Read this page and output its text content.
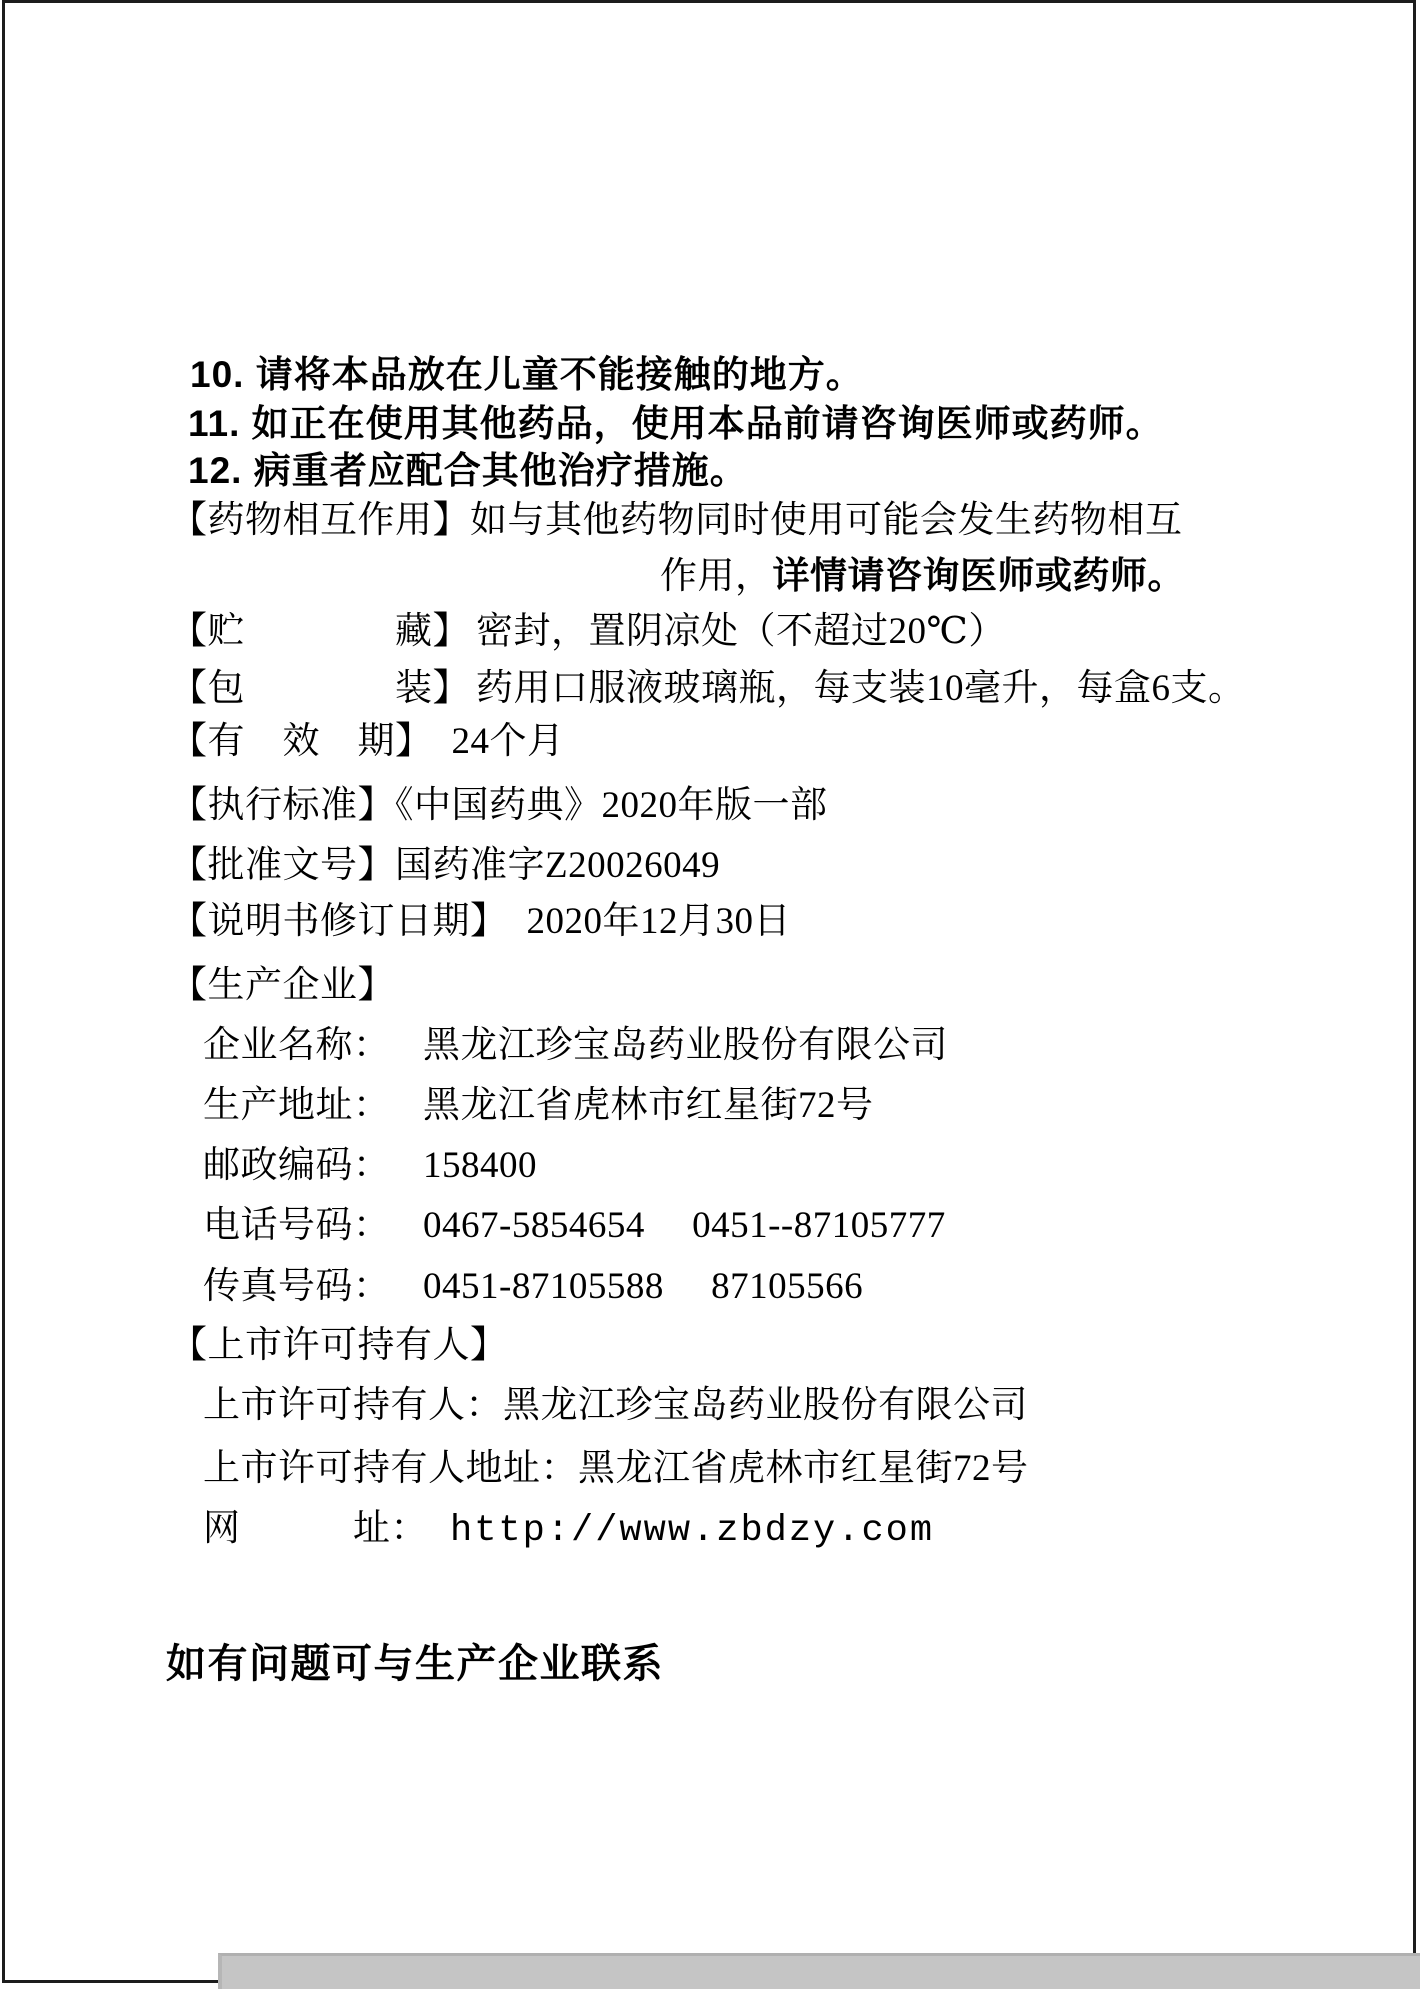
10. 请将本品放在儿童不能接触的地方。
11. 如正在使用其他药品，使用本品前请咨询医师或药师。
12. 病重者应配合其他治疗措施。
【药物相互作用】如与其他药物同时使用可能会发生药物相互
作用，详情请咨询医师或药师。
【贮　　　　藏】 密封，置阴凉处（不超过20℃）
【包　　　　装】 药用口服液玻璃瓶，每支装10毫升，每盒6支。
【有　效　期】　24个月
【执行标准】《中国药典》2020年版一部
【批准文号】国药准字Z20026049
【说明书修订日期】　2020年12月30日
【生产企业】
企业名称： 黑龙江珍宝岛药业股份有限公司
生产地址： 黑龙江省虎林市红星街72号
邮政编码： 158400
电话号码： 0467-5854654　 0451--87105777
传真号码： 0451-87105588　 87105566
【上市许可持有人】
上市许可持有人：黑龙江珍宝岛药业股份有限公司
上市许可持有人地址：黑龙江省虎林市红星街72号
网　　　址： http://www.zbdzy.com
如有问题可与生产企业联系
